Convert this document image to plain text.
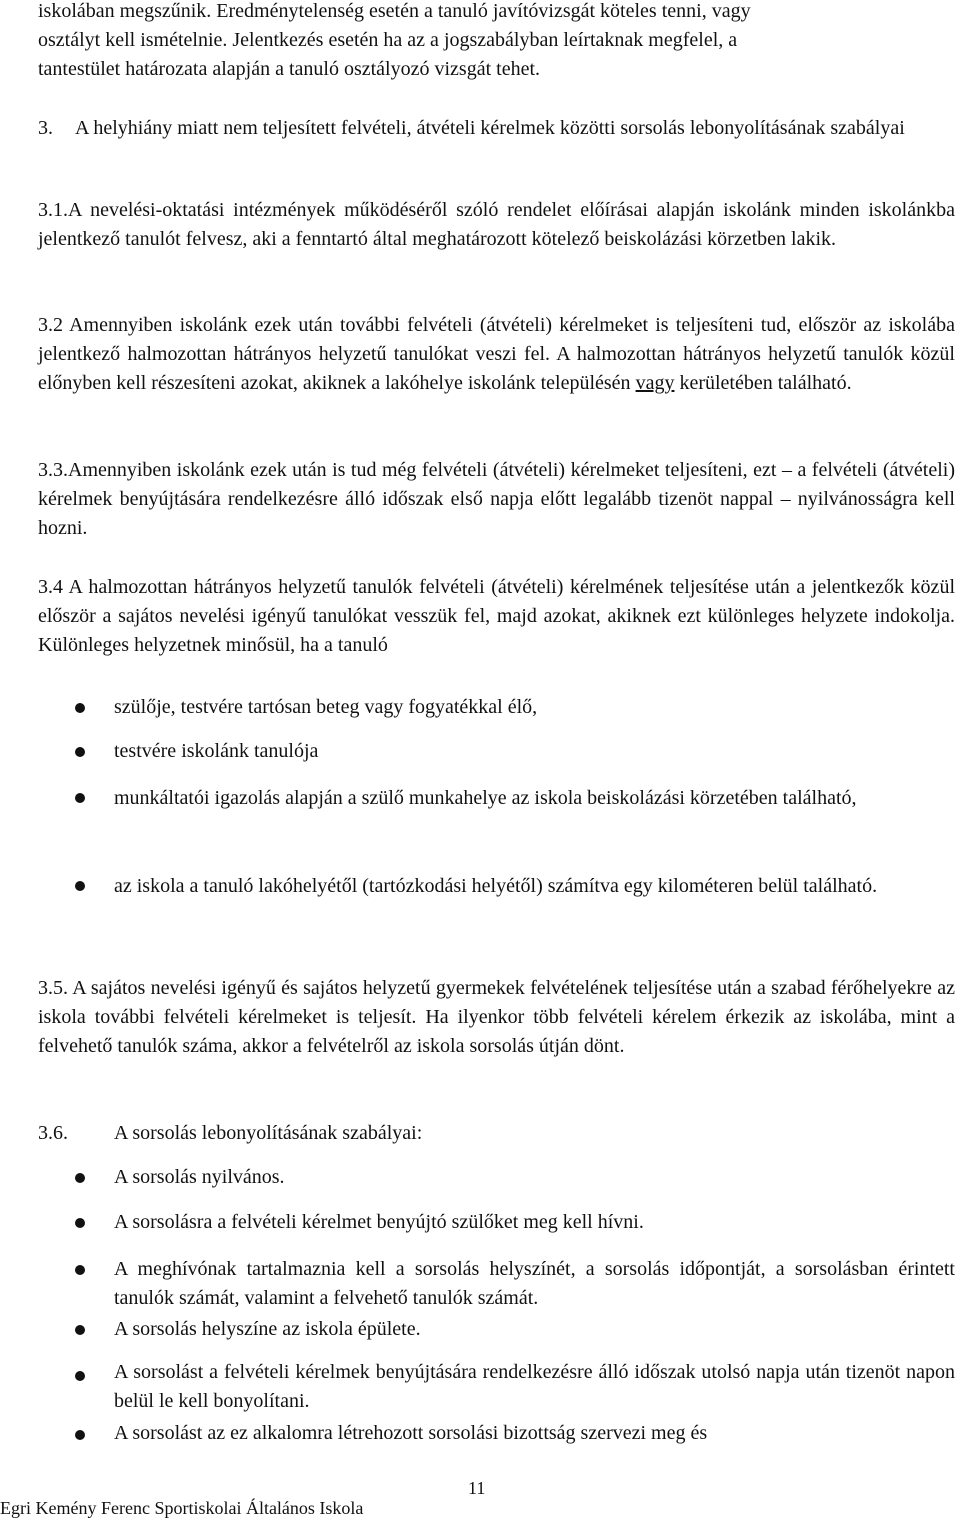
iskolában megszűnik. Eredménytelenség esetén a tanuló javítóvizsgát köteles tenni, vagy

osztályt kell ismételnie. Jelentkezés esetén ha az a jogszabályban leírtaknak megfelel, a

tantestület határozata alapján a tanuló osztályozó vizsgát tehet.

3. A helyhiány miatt nem teljesített felvételi, átvételi kérelmek közötti sorsolás lebonyolításának szabályai

3.1.A nevelési-oktatási intézmények működéséről szóló rendelet előírásai alapján iskolánk minden iskolánkba jelentkező tanulót felvesz, aki a fenntartó által meghatározott kötelező beiskolázási körzetben lakik.

3.2 Amennyiben iskolánk ezek után további felvételi (átvételi) kérelmeket is teljesíteni tud, először az iskolába jelentkező halmozottan hátrányos helyzetű tanulókat veszi fel. A halmozottan hátrányos helyzetű tanulók közül előnyben kell részesíteni azokat, akiknek a lakóhelye iskolánk településén vagy kerületében található.

3.3.Amennyiben iskolánk ezek után is tud még felvételi (átvételi) kérelmeket teljesíteni, ezt – a felvételi (átvételi) kérelmek benyújtására rendelkezésre álló időszak első napja előtt legalább tizenöt nappal – nyilvánosságra kell hozni.

3.4 A halmozottan hátrányos helyzetű tanulók felvételi (átvételi) kérelmének teljesítése után a jelentkezők közül először a sajátos nevelési igényű tanulókat vesszük fel, majd azokat, akiknek ezt különleges helyzete indokolja. Különleges helyzetnek minősül, ha a tanuló

szülője, testvére tartósan beteg vagy fogyatékkal élő,

testvére iskolánk tanulója

munkáltatói igazolás alapján a szülő munkahelye az iskola beiskolázási körzetében található,

az iskola a tanuló lakóhelyétől (tartózkodási helyétől) számítva egy kilométeren belül található.

3.5. A sajátos nevelési igényű és sajátos helyzetű gyermekek felvételének teljesítése után a szabad férőhelyekre az iskola további felvételi kérelmeket is teljesít. Ha ilyenkor több felvételi kérelem érkezik az iskolába, mint a felvehető tanulók száma, akkor a felvételről az iskola sorsolás útján dönt.

3.6. A sorsolás lebonyolításának szabályai:

A sorsolás nyilvános.

A sorsolásra a felvételi kérelmet benyújtó szülőket meg kell hívni.

A meghívónak tartalmaznia kell a sorsolás helyszínét, a sorsolás időpontját, a sorsolásban érintett tanulók számát, valamint a felvehető tanulók számát.

A sorsolás helyszíne az iskola épülete.

A sorsolást a felvételi kérelmek benyújtására rendelkezésre álló időszak utolsó napja után tizenöt napon belül le kell bonyolítani.

A sorsolást az ez alkalomra létrehozott sorsolási bizottság szervezi meg és

11
Egri Kemény Ferenc Sportiskolai Általános Iskola
